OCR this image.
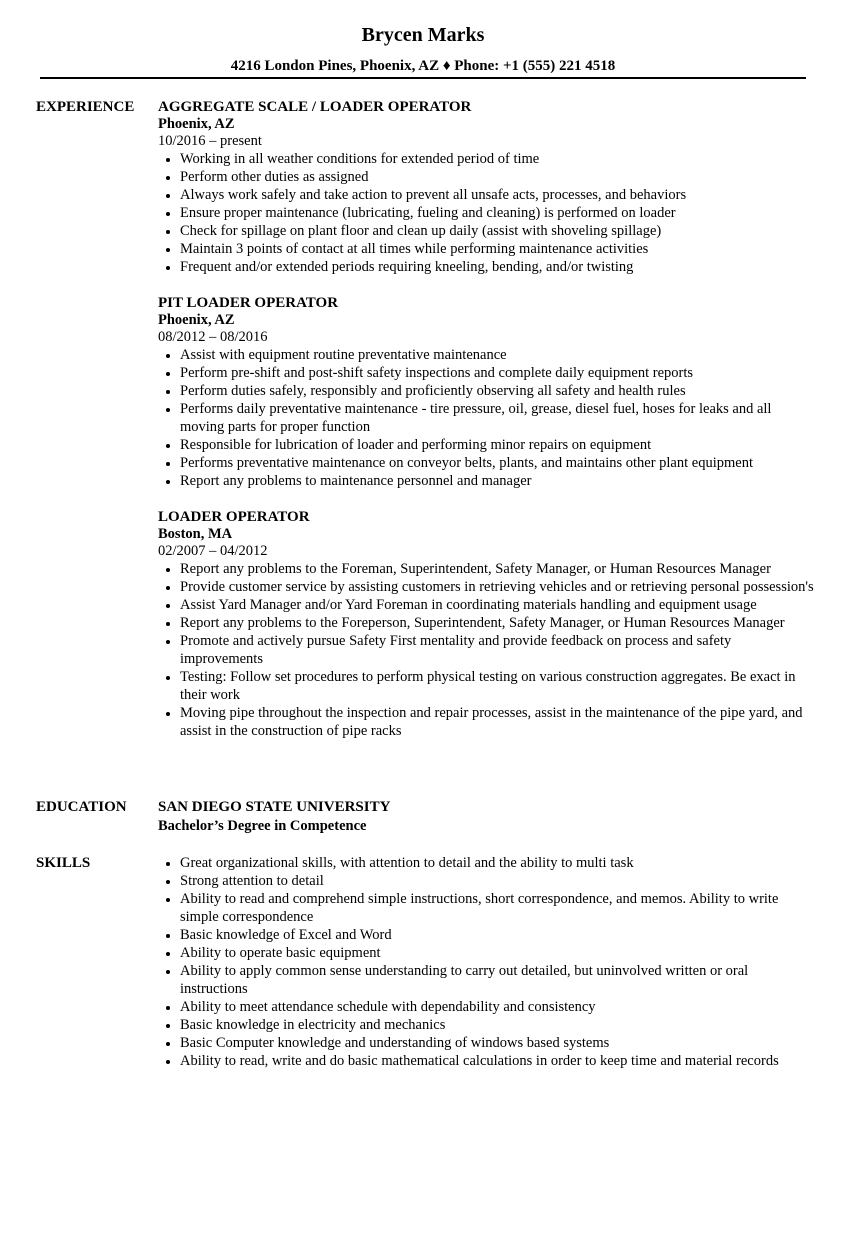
Brycen Marks
4216 London Pines, Phoenix, AZ ♦ Phone: +1 (555) 221 4518
EXPERIENCE	AGGREGATE SCALE / LOADER OPERATOR
Phoenix, AZ
10/2016 – present
• Working in all weather conditions for extended period of time
• Perform other duties as assigned
• Always work safely and take action to prevent all unsafe acts, processes, and behaviors
• Ensure proper maintenance (lubricating, fueling and cleaning) is performed on loader
• Check for spillage on plant floor and clean up daily (assist with shoveling spillage)
• Maintain 3 points of contact at all times while performing maintenance activities
• Frequent and/or extended periods requiring kneeling, bending, and/or twisting
PIT LOADER OPERATOR
Phoenix, AZ
08/2012 – 08/2016
• Assist with equipment routine preventative maintenance
• Perform pre-shift and post-shift safety inspections and complete daily equipment reports
• Perform duties safely, responsibly and proficiently observing all safety and health rules
• Performs daily preventative maintenance - tire pressure, oil, grease, diesel fuel, hoses for leaks and all moving parts for proper function
• Responsible for lubrication of loader and performing minor repairs on equipment
• Performs preventative maintenance on conveyor belts, plants, and maintains other plant equipment
• Report any problems to maintenance personnel and manager
LOADER OPERATOR
Boston, MA
02/2007 – 04/2012
• Report any problems to the Foreman, Superintendent, Safety Manager, or Human Resources Manager
• Provide customer service by assisting customers in retrieving vehicles and or retrieving personal possession's
• Assist Yard Manager and/or Yard Foreman in coordinating materials handling and equipment usage
• Report any problems to the Foreperson, Superintendent, Safety Manager, or Human Resources Manager
• Promote and actively pursue Safety First mentality and provide feedback on process and safety improvements
• Testing: Follow set procedures to perform physical testing on various construction aggregates. Be exact in their work
• Moving pipe throughout the inspection and repair processes, assist in the maintenance of the pipe yard, and assist in the construction of pipe racks
EDUCATION	SAN DIEGO STATE UNIVERSITY
Bachelor’s Degree in Competence
SKILLS
•	Great organizational skills, with attention to detail and the ability to multi task
• Strong attention to detail
• Ability to read and comprehend simple instructions, short correspondence, and memos. Ability to write simple correspondence
• Basic knowledge of Excel and Word
• Ability to operate basic equipment
• Ability to apply common sense understanding to carry out detailed, but uninvolved written or oral instructions
• Ability to meet attendance schedule with dependability and consistency
• Basic knowledge in electricity and mechanics
• Basic Computer knowledge and understanding of windows based systems
• Ability to read, write and do basic mathematical calculations in order to keep time and material records
